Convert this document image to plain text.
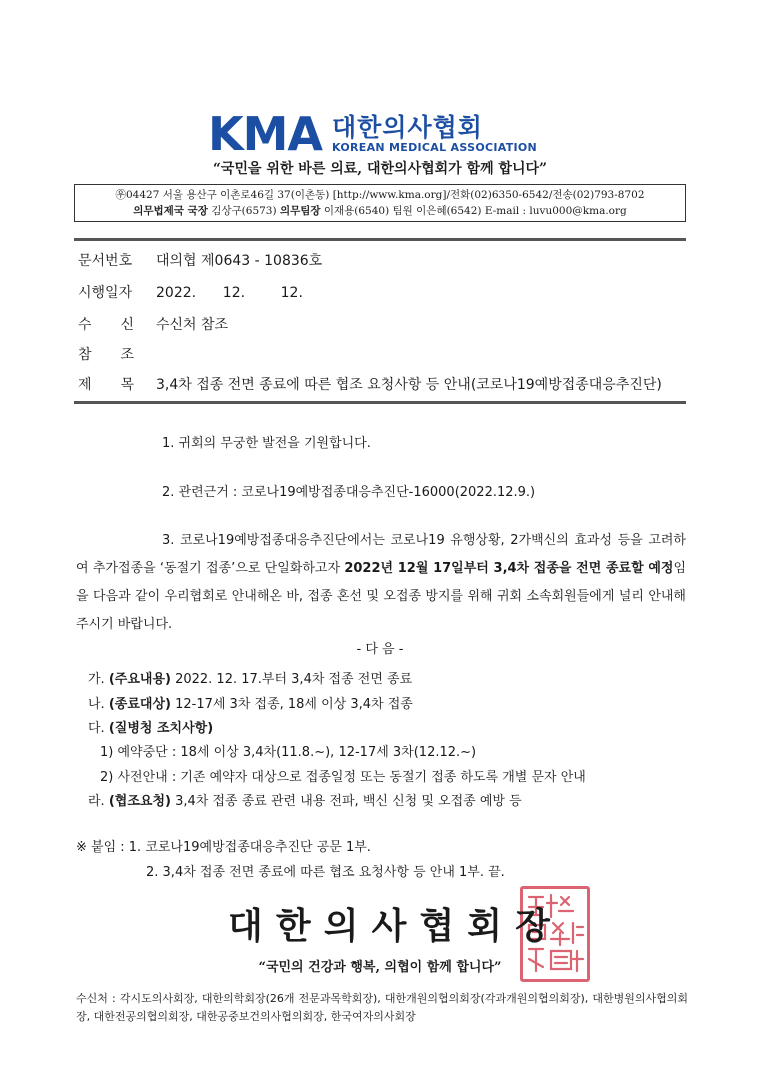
KMA 대한의사협회
KOREAN MEDICAL ASSOCIATION
“국민을 위한 바른 의료, 대한의사협회가 함께 합니다”
㉾04427 서울 용산구 이촌로46길 37(이촌동) [http://www.kma.org]/전화(02)6350-6542/전송(02)793-8702
의무법제국 국장 김상구(6573) 의무팀장 이재용(6540) 팀원 이은혜(6542) E-mail : luvu000@kma.org
문서번호	대의협 제0643 - 10836호
시행일자	2022.      12.        12.
수 신 수신처 참조
참 조
제 목 3,4차 접종 전면 종료에 따른 협조 요청사항 등 안내(코로나19예방접종대응추진단)
1. 귀회의 무궁한 발전을 기원합니다.
2. 관련근거 : 코로나19예방접종대응추진단-16000(2022.12.9.)
3. 코로나19예방접종대응추진단에서는 코로나19 유행상황, 2가백신의 효과성 등을 고려하여 추가접종을 ‘동절기 접종’으로 단일화하고자 2022년 12월 17일부터 3,4차 접종을 전면 종료할 예정임을 다음과 같이 우리협회로 안내해온 바, 접종 혼선 및 오접종 방지를 위해 귀회 소속회원들에게 널리 안내해 주시기 바랍니다.
- 다 음 -
가. (주요내용) 2022. 12. 17.부터 3,4차 접종 전면 종료
나. (종료대상) 12-17세 3차 접종, 18세 이상 3,4차 접종
다. (질병청 조치사항)
1) 예약중단 : 18세 이상 3,4차(11.8.~), 12-17세 3차(12.12.~)
2) 사전안내 : 기존 예약자 대상으로 접종일정 또는 동절기 접종 하도록 개별 문자 안내
라. (협조요청) 3,4차 접종 종료 관련 내용 전파, 백신 신청 및 오접종 예방 등
※ 붙임 : 1. 코로나19예방접종대응추진단 공문 1부.
2. 3,4차 접종 전면 종료에 따른 협조 요청사항 등 안내 1부. 끝.
대 한 의 사 협 회 장
“국민의 건강과 행복, 의협이 함께 합니다”
수신처 : 각시도의사회장, 대한의학회장(26개 전문과목학회장), 대한개원의협의회장(각과개원의협의회장), 대한병원의사협의회장, 대한전공의협의회장, 대한공중보건의사협의회장, 한국여자의사회장
